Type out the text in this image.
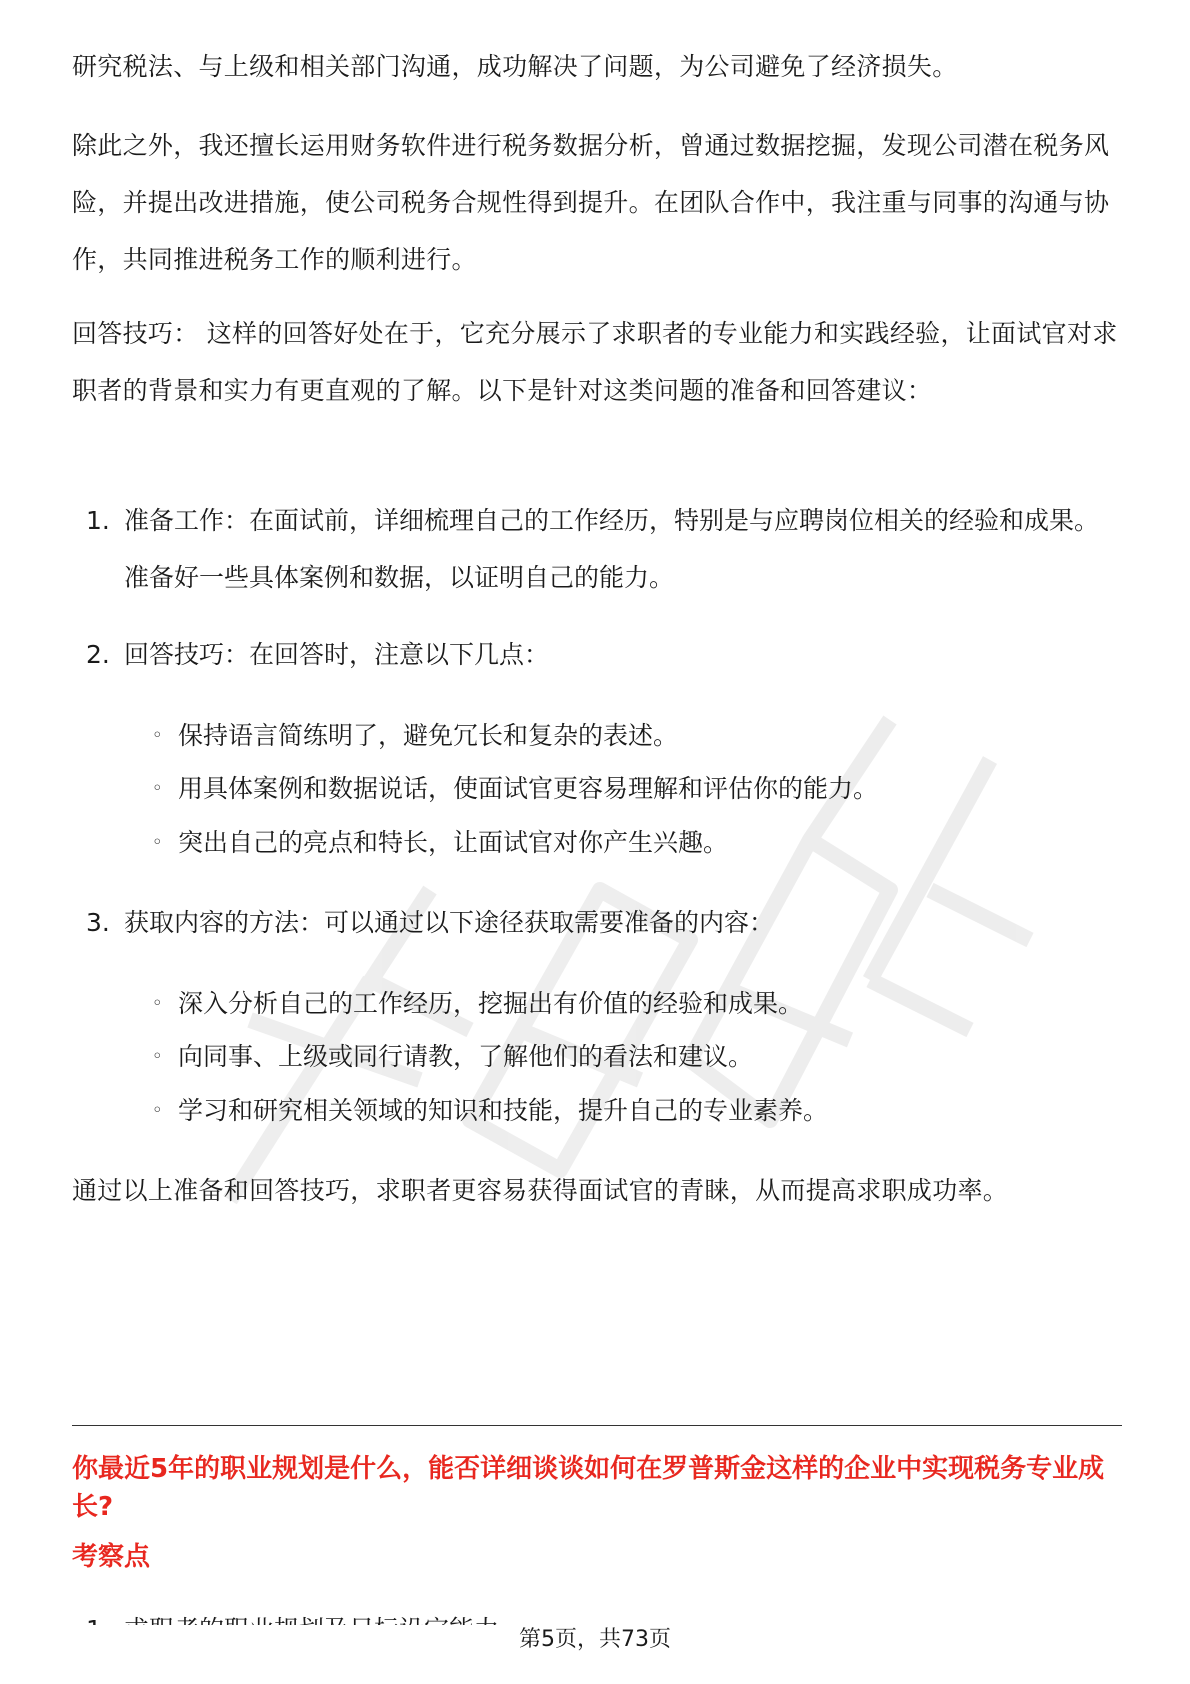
研究税法、与上级和相关部门沟通，成功解决了问题，为公司避免了经济损失。

除此之外，我还擅长运用财务软件进行税务数据分析，曾通过数据挖掘，发现公司潜在税务风险，并提出改进措施，使公司税务合规性得到提升。在团队合作中，我注重与同事的沟通与协作，共同推进税务工作的顺利进行。

回答技巧： 这样的回答好处在于，它充分展示了求职者的专业能力和实践经验，让面试官对求职者的背景和实力有更直观的了解。以下是针对这类问题的准备和回答建议：

1. 准备工作：在面试前，详细梳理自己的工作经历，特别是与应聘岗位相关的经验和成果。准备好一些具体案例和数据，以证明自己的能力。
2. 回答技巧：在回答时，注意以下几点：
◦ 保持语言简练明了，避免冗长和复杂的表述。
◦ 用具体案例和数据说话，使面试官更容易理解和评估你的能力。
◦ 突出自己的亮点和特长，让面试官对你产生兴趣。
3. 获取内容的方法：可以通过以下途径获取需要准备的内容：
◦ 深入分析自己的工作经历，挖掘出有价值的经验和成果。
◦ 向同事、上级或同行请教，了解他们的看法和建议。
◦ 学习和研究相关领域的知识和技能，提升自己的专业素养。

通过以上准备和回答技巧，求职者更容易获得面试官的青睐，从而提高求职成功率。

你最近5年的职业规划是什么，能否详细谈谈如何在罗普斯金这样的企业中实现税务专业成长?

考察点

第5页，共73页
